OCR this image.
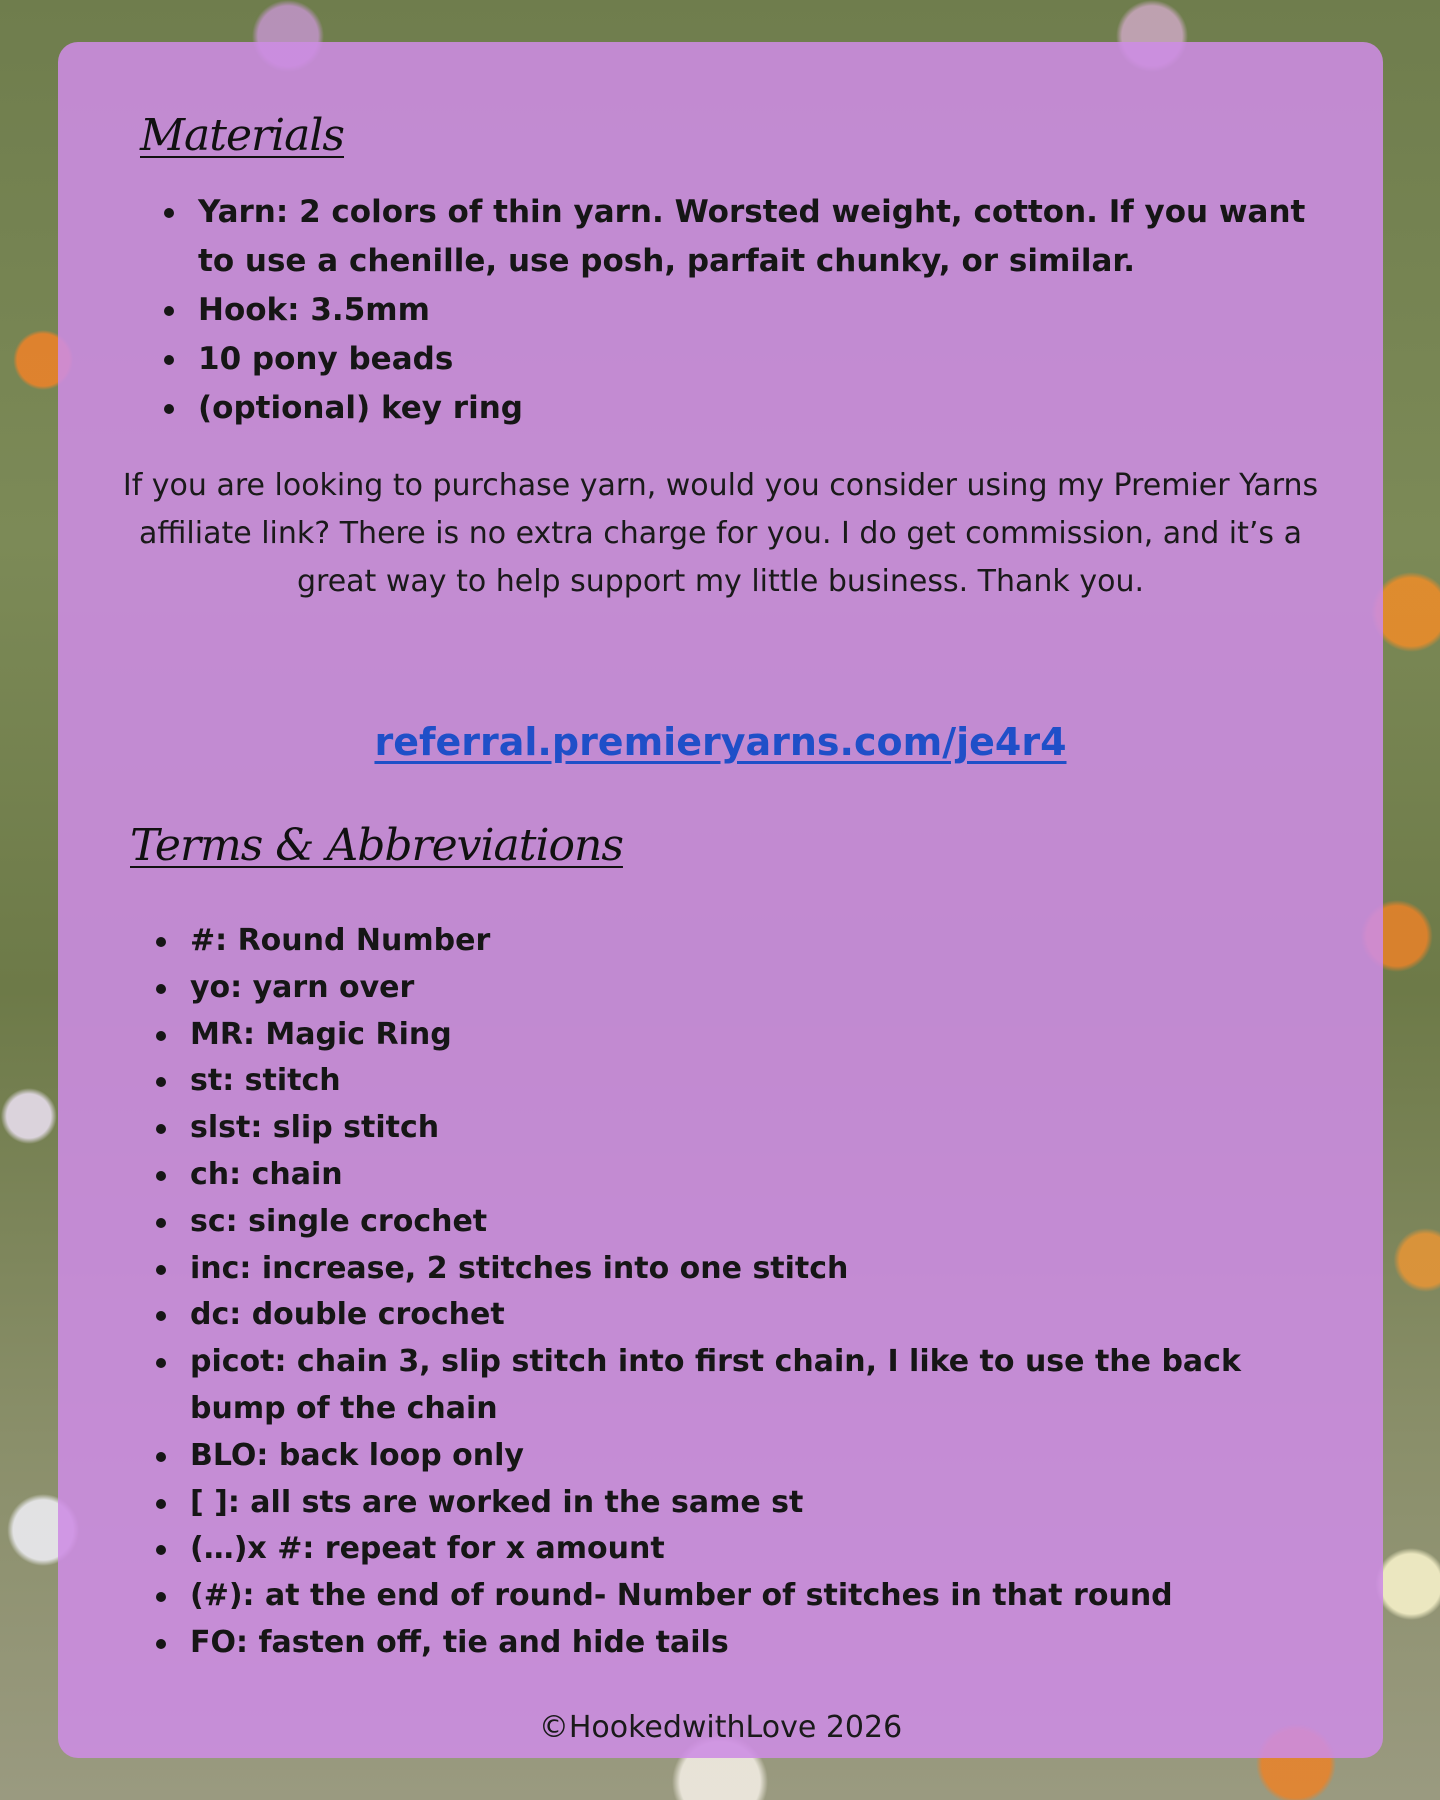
Materials
Yarn: 2 colors of thin yarn. Worsted weight, cotton. If you want to use a chenille, use posh, parfait chunky, or similar.
Hook: 3.5mm
10 pony beads
(optional) key ring

If you are looking to purchase yarn, would you consider using my Premier Yarns affiliate link? There is no extra charge for you. I do get commission, and it’s a great way to help support my little business. Thank you.

referral.premieryarns.com/je4r4
Terms & Abbreviations
#: Round Number
yo: yarn over
MR: Magic Ring
st: stitch
slst: slip stitch
ch: chain
sc: single crochet
inc: increase, 2 stitches into one stitch
dc: double crochet
picot: chain 3, slip stitch into first chain, I like to use the back bump of the chain
BLO: back loop only
[ ]: all sts are worked in the same st
(…)x #: repeat for x amount
(#): at the end of round- Number of stitches in that round
FO: fasten off, tie and hide tails

©HookedwithLove 2026
